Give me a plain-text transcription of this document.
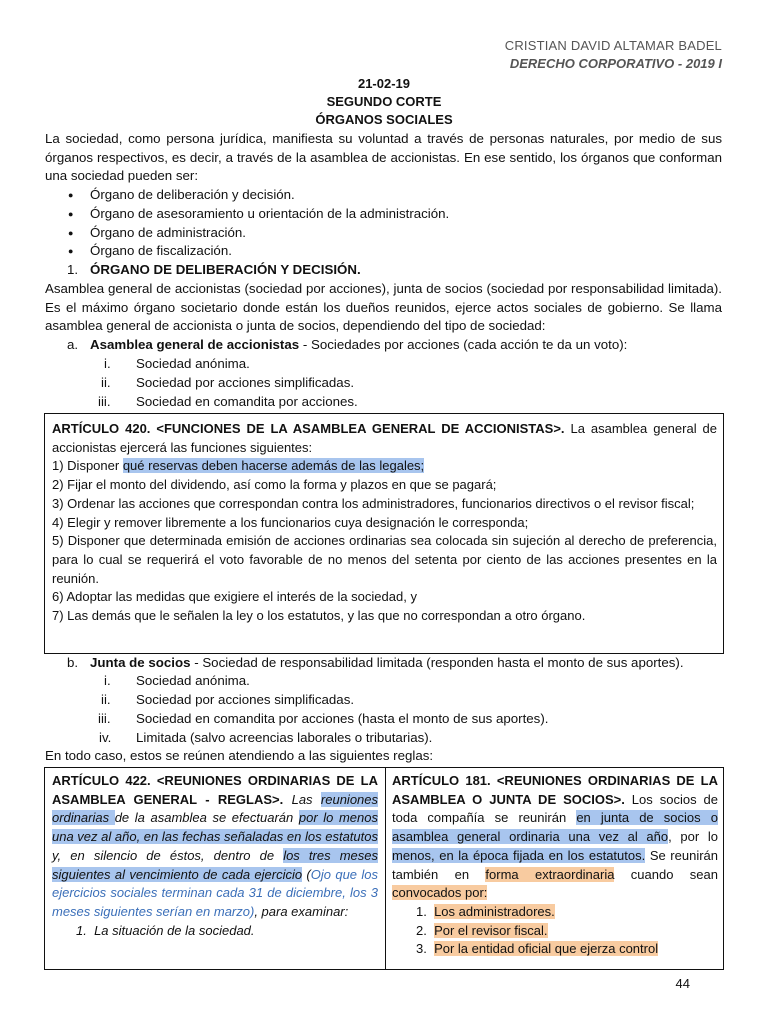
CRISTIAN DAVID ALTAMAR BADEL
DERECHO CORPORATIVO - 2019 I
21-02-19
SEGUNDO CORTE
ÓRGANOS SOCIALES
La sociedad, como persona jurídica, manifiesta su voluntad a través de personas naturales, por medio de sus órganos respectivos, es decir, a través de la asamblea de accionistas. En ese sentido, los órganos que conforman una sociedad pueden ser:
● Órgano de deliberación y decisión.
● Órgano de asesoramiento u orientación de la administración.
● Órgano de administración.
● Órgano de fiscalización.
1. ÓRGANO DE DELIBERACIÓN Y DECISIÓN.
Asamblea general de accionistas (sociedad por acciones), junta de socios (sociedad por responsabilidad limitada). Es el máximo órgano societario donde están los dueños reunidos, ejerce actos sociales de gobierno. Se llama asamblea general de accionista o junta de socios, dependiendo del tipo de sociedad:
a. Asamblea general de accionistas - Sociedades por acciones (cada acción te da un voto):
i. Sociedad anónima.
ii. Sociedad por acciones simplificadas.
iii. Sociedad en comandita por acciones.
ARTÍCULO 420. <FUNCIONES DE LA ASAMBLEA GENERAL DE ACCIONISTAS>. La asamblea general de accionistas ejercerá las funciones siguientes:
1) Disponer qué reservas deben hacerse además de las legales;
2) Fijar el monto del dividendo, así como la forma y plazos en que se pagará;
3) Ordenar las acciones que correspondan contra los administradores, funcionarios directivos o el revisor fiscal;
4) Elegir y remover libremente a los funcionarios cuya designación le corresponda;
5) Disponer que determinada emisión de acciones ordinarias sea colocada sin sujeción al derecho de preferencia, para lo cual se requerirá el voto favorable de no menos del setenta por ciento de las acciones presentes en la reunión.
6) Adoptar las medidas que exigiere el interés de la sociedad, y
7) Las demás que le señalen la ley o los estatutos, y las que no correspondan a otro órgano.
b. Junta de socios - Sociedad de responsabilidad limitada (responden hasta el monto de sus aportes).
i. Sociedad anónima.
ii. Sociedad por acciones simplificadas.
iii. Sociedad en comandita por acciones (hasta el monto de sus aportes).
iv. Limitada (salvo acreencias laborales o tributarias).
En todo caso, estos se reúnen atendiendo a las siguientes reglas:
ARTÍCULO 422. <REUNIONES ORDINARIAS DE LA ASAMBLEA GENERAL - REGLAS>. Las reuniones ordinarias de la asamblea se efectuarán por lo menos una vez al año, en las fechas señaladas en los estatutos y, en silencio de éstos, dentro de los tres meses siguientes al vencimiento de cada ejercicio (Ojo que los ejercicios sociales terminan cada 31 de diciembre, los 3 meses siguientes serían en marzo), para examinar:
1. La situación de la sociedad.
ARTÍCULO 181. <REUNIONES ORDINARIAS DE LA ASAMBLEA O JUNTA DE SOCIOS>. Los socios de toda compañía se reunirán en junta de socios o asamblea general ordinaria una vez al año, por lo menos, en la época fijada en los estatutos. Se reunirán también en forma extraordinaria cuando sean convocados por:
1. Los administradores.
2. Por el revisor fiscal.
3. Por la entidad oficial que ejerza control
44
